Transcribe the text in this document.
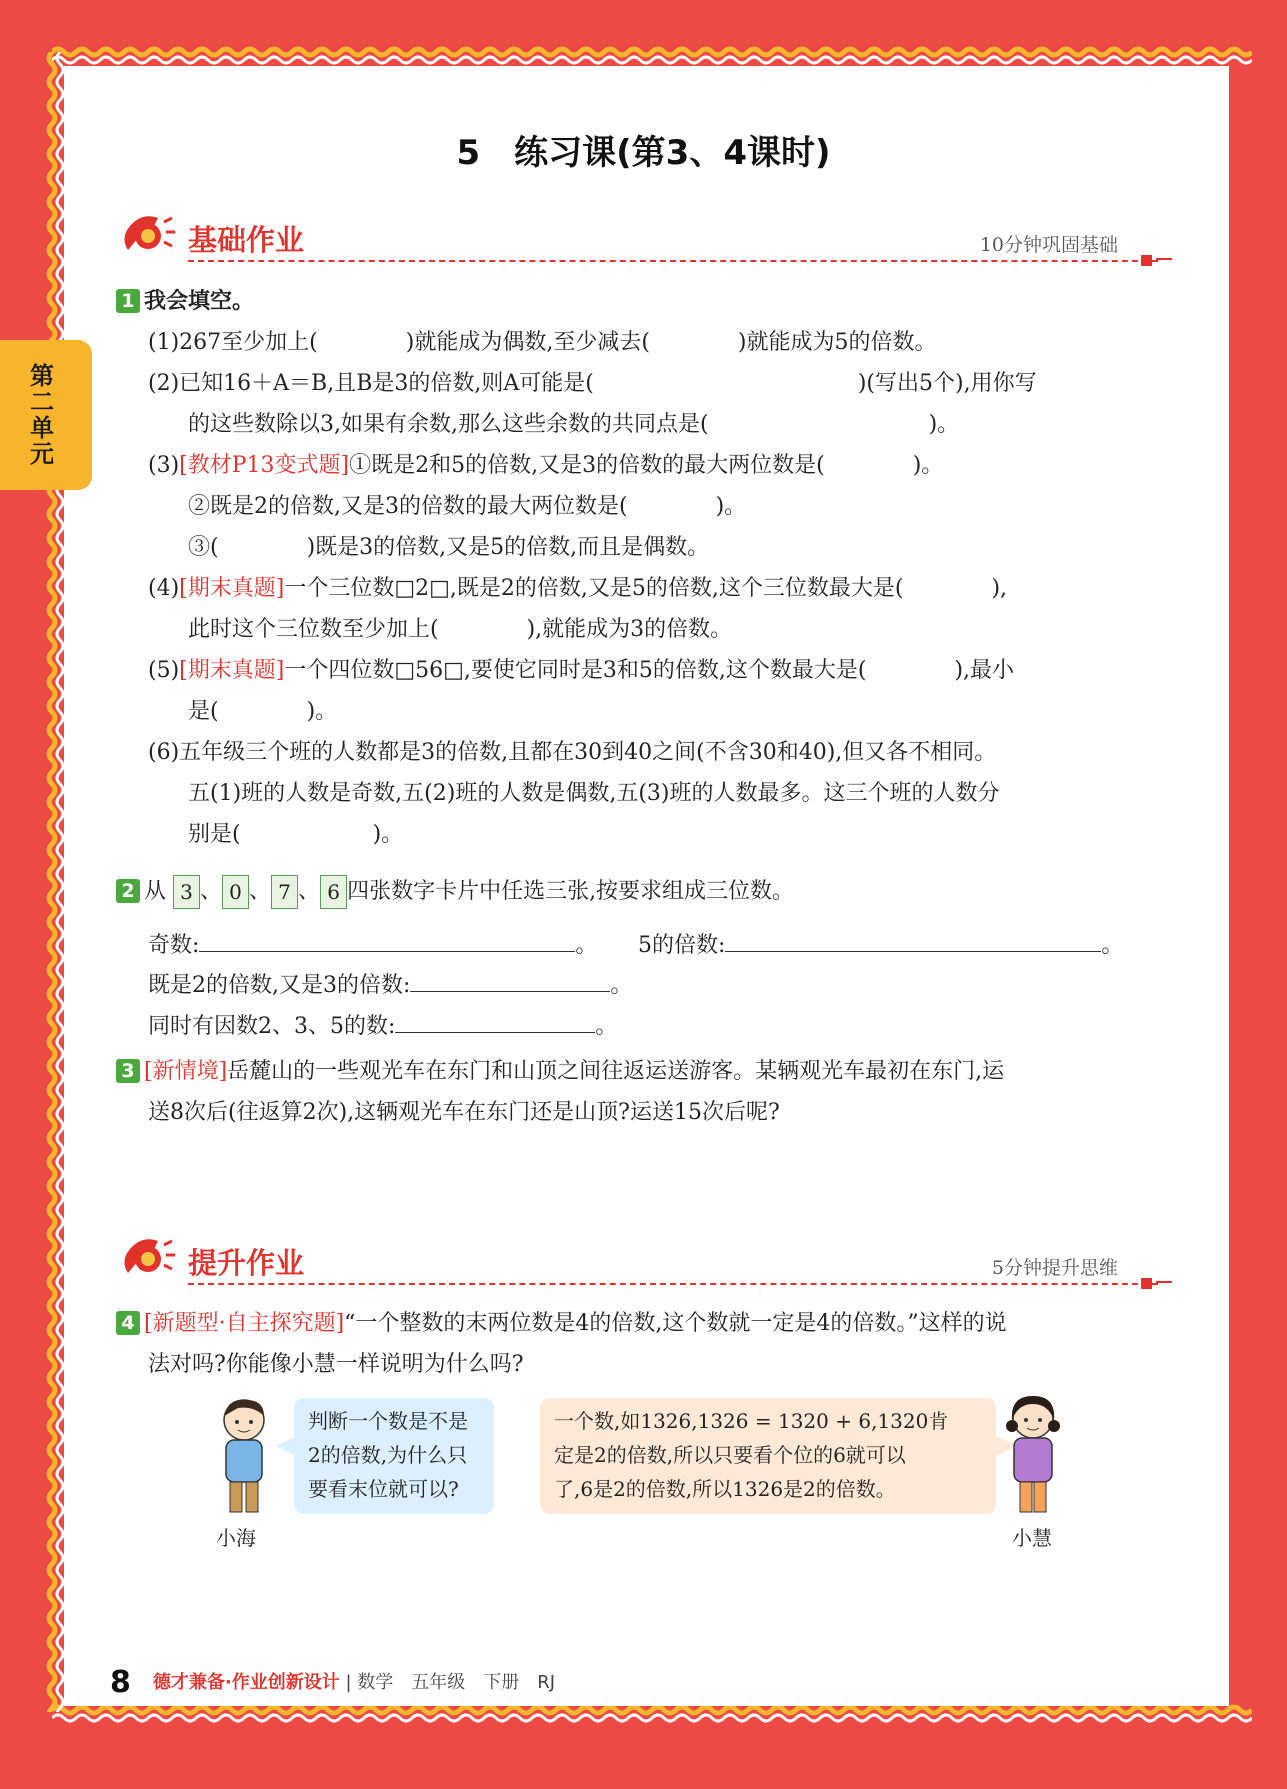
第二单元
5　练习课(第3、4课时)
基础作业	10分钟巩固基础
1 我会填空。
(1)267至少加上(　　　　)就能成为偶数,至少减去(　　　　)就能成为5的倍数。
(2)已知16＋A＝B,且B是3的倍数,则A可能是(　　　　　　　　　　　　)(写出5个),用你写
的这些数除以3,如果有余数,那么这些余数的共同点是(　　　　　　　　　　)。
(3)[教材P13变式题]①既是2和5的倍数,又是3的倍数的最大两位数是(　　　　)。
②既是2的倍数,又是3的倍数的最大两位数是(　　　　)。
③(　　　　)既是3的倍数,又是5的倍数,而且是偶数。
(4)[期末真题]一个三位数□2□,既是2的倍数,又是5的倍数,这个三位数最大是(　　　　),
此时这个三位数至少加上(　　　　),就能成为3的倍数。
(5)[期末真题]一个四位数□56□,要使它同时是3和5的倍数,这个数最大是(　　　　),最小
是(　　　　)。
(6)五年级三个班的人数都是3的倍数,且都在30到40之间(不含30和40),但又各不相同。
五(1)班的人数是奇数,五(2)班的人数是偶数,五(3)班的人数最多。这三个班的人数分
别是(　　　　　　)。
2 从 3 、 0 、 7 、 6 四张数字卡片中任选三张,按要求组成三位数。
奇数:	。 5的倍数:	。
既是2的倍数,又是3的倍数:	。
同时有因数2、3、5的数:	。
3 [新情境]岳麓山的一些观光车在东门和山顶之间往返运送游客。某辆观光车最初在东门,运
送8次后(往返算2次),这辆观光车在东门还是山顶?运送15次后呢?
提升作业	5分钟提升思维
4 [新题型·自主探究题]“一个整数的末两位数是4的倍数,这个数就一定是4的倍数。”这样的说
法对吗?你能像小慧一样说明为什么吗?
小海
判断一个数是不是
2的倍数,为什么只
要看末位就可以?
一个数,如1326,1326 = 1320 + 6,1320肯
定是2的倍数,所以只要看个位的6就可以
了,6是2的倍数,所以1326是2的倍数。
小慧
8 德才兼备·作业创新设计 | 数学　五年级　下册　RJ
